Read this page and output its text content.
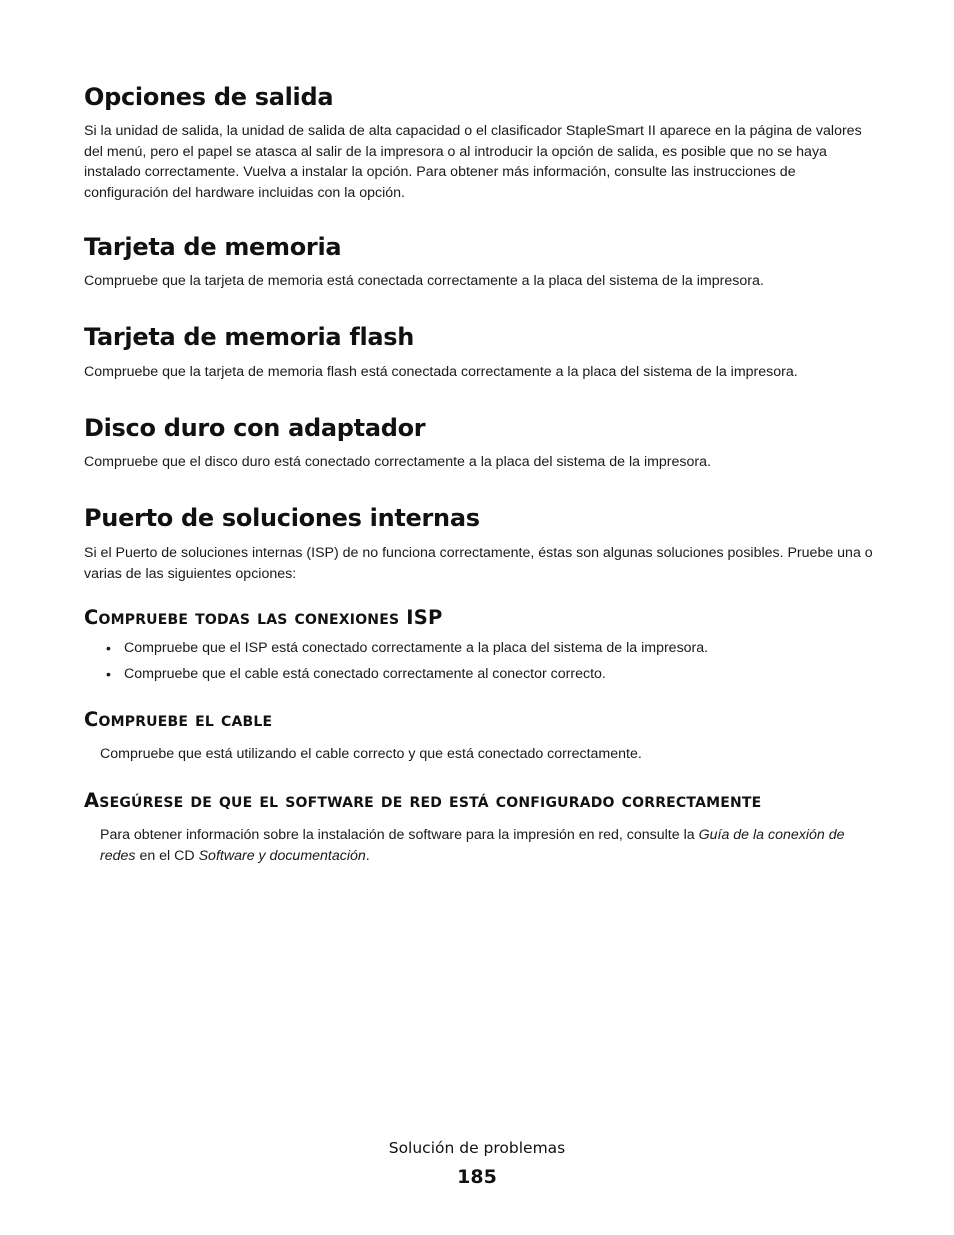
Opciones de salida

Si la unidad de salida, la unidad de salida de alta capacidad o el clasificador StapleSmart II aparece en la página de valores del menú, pero el papel se atasca al salir de la impresora o al introducir la opción de salida, es posible que no se haya instalado correctamente. Vuelva a instalar la opción. Para obtener más información, consulte las instrucciones de configuración del hardware incluidas con la opción.

Tarjeta de memoria

Compruebe que la tarjeta de memoria está conectada correctamente a la placa del sistema de la impresora.

Tarjeta de memoria flash

Compruebe que la tarjeta de memoria flash está conectada correctamente a la placa del sistema de la impresora.

Disco duro con adaptador

Compruebe que el disco duro está conectado correctamente a la placa del sistema de la impresora.

Puerto de soluciones internas

Si el Puerto de soluciones internas (ISP) de no funciona correctamente, éstas son algunas soluciones posibles. Pruebe una o varias de las siguientes opciones:

Compruebe todas las conexiones ISP
• Compruebe que el ISP está conectado correctamente a la placa del sistema de la impresora.
• Compruebe que el cable está conectado correctamente al conector correcto.
Compruebe el cable

Compruebe que está utilizando el cable correcto y que está conectado correctamente.

Asegúrese de que el software de red está configurado correctamente

Para obtener información sobre la instalación de software para la impresión en red, consulte la Guía de la conexión de redes en el CD Software y documentación.

Solución de problemas
185
